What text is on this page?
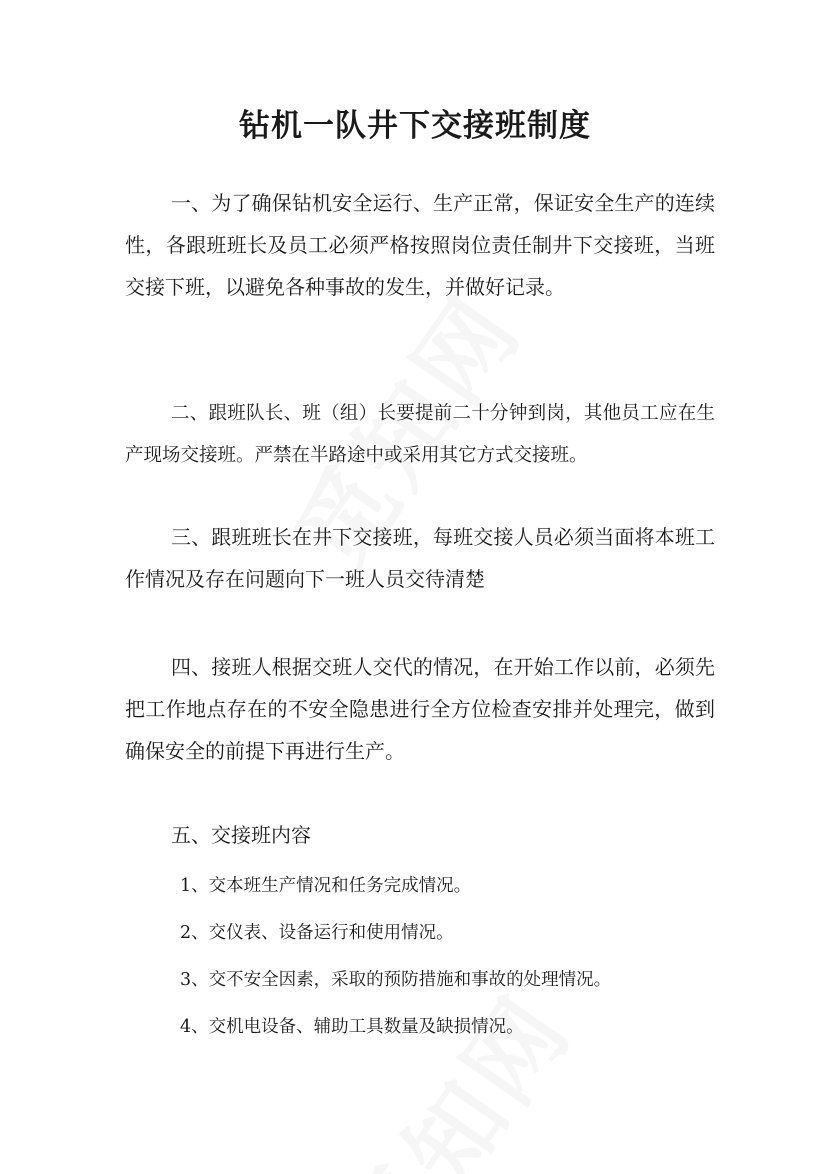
钻机一队井下交接班制度

一、为了确保钻机安全运行、生产正常，保证安全生产的连续性，各跟班班长及员工必须严格按照岗位责任制井下交接班，当班交接下班，以避免各种事故的发生，并做好记录。

二、跟班队长、班（组）长要提前二十分钟到岗，其他员工应在生产现场交接班。严禁在半路途中或采用其它方式交接班。

三、跟班班长在井下交接班，每班交接人员必须当面将本班工作情况及存在问题向下一班人员交待清楚

四、接班人根据交班人交代的情况，在开始工作以前，必须先把工作地点存在的不安全隐患进行全方位检查安排并处理完，做到确保安全的前提下再进行生产。

五、交接班内容

1、交本班生产情况和任务完成情况。
2、交仪表、设备运行和使用情况。
3、交不安全因素，采取的预防措施和事故的处理情况。
4、交机电设备、辅助工具数量及缺损情况。
